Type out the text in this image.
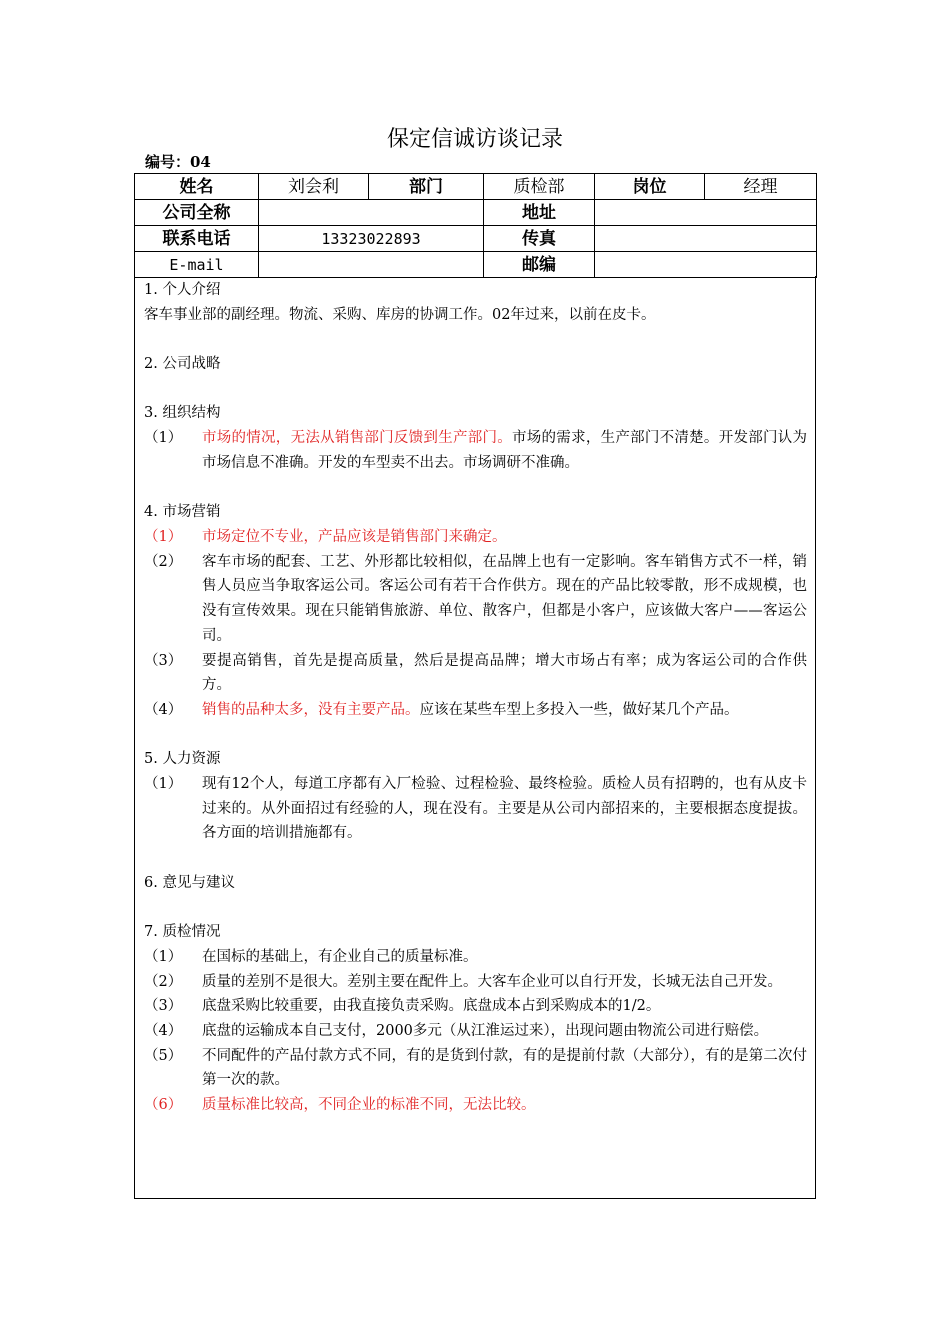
保定信诚访谈记录
编号：04
姓名	刘会利	部门	质检部	岗位	经理
公司全称			地址		
联系电话	13323022893		传真		
E-mail			邮编		

1. 个人介绍

客车事业部的副经理。物流、采购、库房的协调工作。02年过来，以前在皮卡。

2. 公司战略

3. 组织结构

（1）	市场的情况，无法从销售部门反馈到生产部门。市场的需求，生产部门不清楚。开发部门认为市场信息不准确。开发的车型卖不出去。市场调研不准确。

4. 市场营销

（1）	市场定位不专业，产品应该是销售部门来确定。
（2）	客车市场的配套、工艺、外形都比较相似，在品牌上也有一定影响。客车销售方式不一样，销售人员应当争取客运公司。客运公司有若干合作供方。现在的产品比较零散，形不成规模，也没有宣传效果。现在只能销售旅游、单位、散客户，但都是小客户，应该做大客户——客运公司。
（3）	要提高销售，首先是提高质量，然后是提高品牌；增大市场占有率；成为客运公司的合作供方。
（4）	销售的品种太多，没有主要产品。应该在某些车型上多投入一些，做好某几个产品。

5. 人力资源

（1）	现有12个人，每道工序都有入厂检验、过程检验、最终检验。质检人员有招聘的，也有从皮卡过来的。从外面招过有经验的人，现在没有。主要是从公司内部招来的，主要根据态度提拔。各方面的培训措施都有。

6. 意见与建议

7. 质检情况

（1）	在国标的基础上，有企业自己的质量标准。
（2）	质量的差别不是很大。差别主要在配件上。大客车企业可以自行开发，长城无法自己开发。
（3）	底盘采购比较重要，由我直接负责采购。底盘成本占到采购成本的1/2。
（4）	底盘的运输成本自己支付，2000多元（从江淮运过来），出现问题由物流公司进行赔偿。
（5）	不同配件的产品付款方式不同，有的是货到付款，有的是提前付款（大部分），有的是第二次付第一次的款。
（6）	质量标准比较高，不同企业的标准不同，无法比较。
